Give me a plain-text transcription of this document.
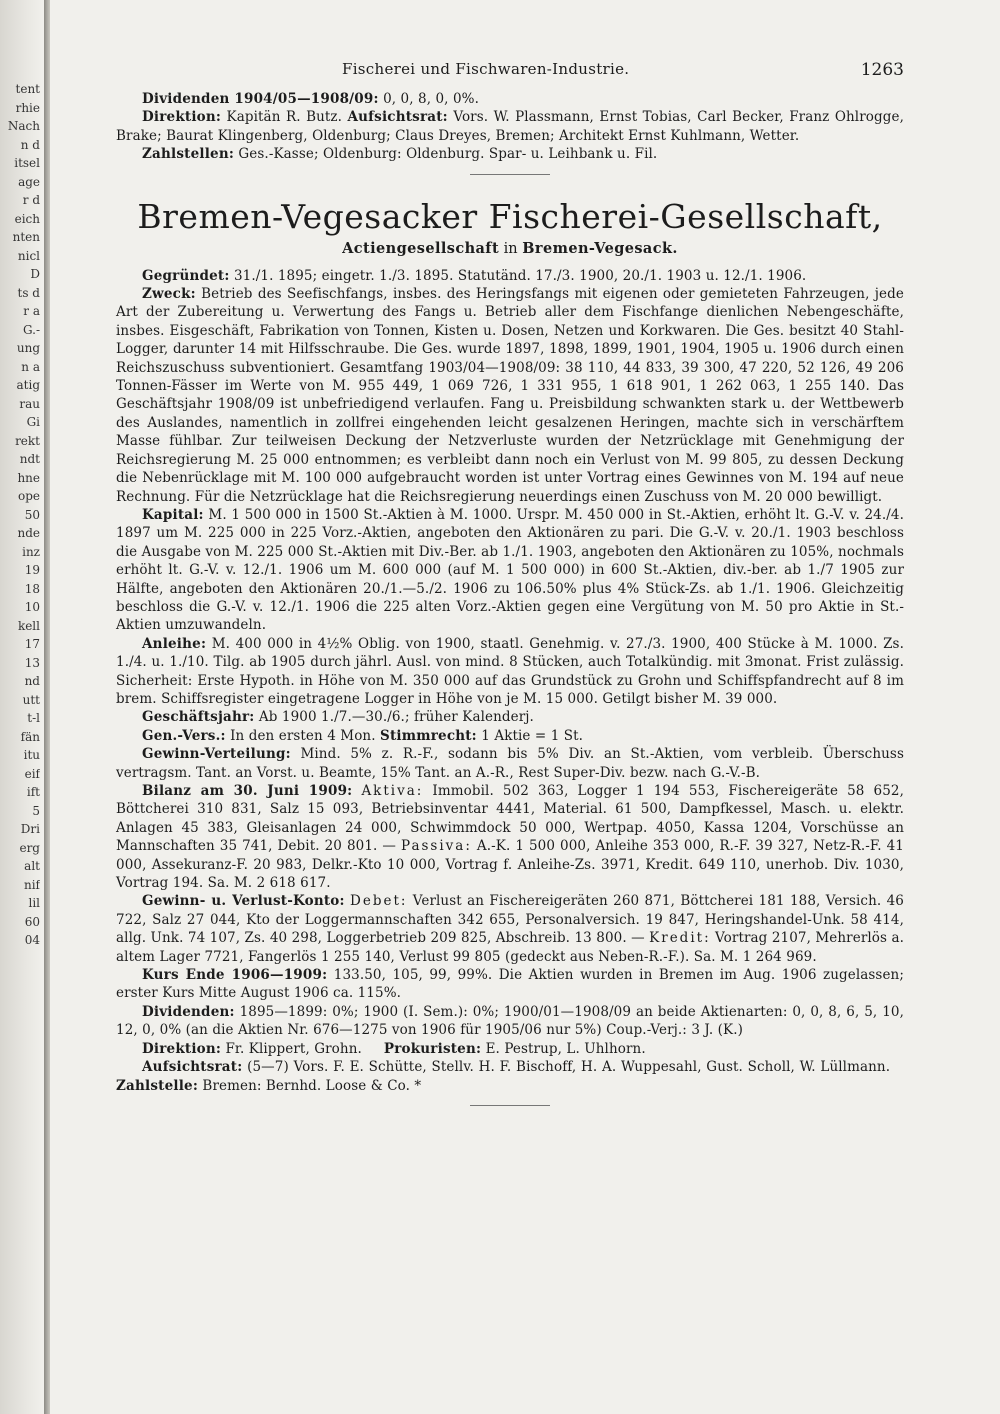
tent
rhie
Nach
n d
itsel
age
r d
eich
nten
nicl
D
ts d
r a
G.-
ung
n a
atig
rau
Gi
rekt
ndt
hne
ope
50
nde
inz
19
18
10
kell
17
13
nd
utt
t-l
fän
itu
eif
ift
5
Dri
erg
alt
nif
lil
60
04
Fischerei und Fischwaren-Industrie.	1263

Dividenden 1904/05—1908/09: 0, 0, 8, 0, 0%.

Direktion: Kapitän R. Butz. Aufsichtsrat: Vors. W. Plassmann, Ernst Tobias, Carl Becker, Franz Ohlrogge, Brake; Baurat Klingenberg, Oldenburg; Claus Dreyes, Bremen; Architekt Ernst Kuhlmann, Wetter.

Zahlstellen: Ges.-Kasse; Oldenburg: Oldenburg. Spar- u. Leihbank u. Fil.

Bremen-Vegesacker Fischerei-Gesellschaft,
Actiengesellschaft in Bremen-Vegesack.

Gegründet: 31./1. 1895; eingetr. 1./3. 1895. Statutänd. 17./3. 1900, 20./1. 1903 u. 12./1. 1906.

Zweck: Betrieb des Seefischfangs, insbes. des Heringsfangs mit eigenen oder gemieteten Fahrzeugen, jede Art der Zubereitung u. Verwertung des Fangs u. Betrieb aller dem Fischfange dienlichen Nebengeschäfte, insbes. Eisgeschäft, Fabrikation von Tonnen, Kisten u. Dosen, Netzen und Korkwaren. Die Ges. besitzt 40 Stahl-Logger, darunter 14 mit Hilfsschraube. Die Ges. wurde 1897, 1898, 1899, 1901, 1904, 1905 u. 1906 durch einen Reichszuschuss subventioniert. Gesamtfang 1903/04—1908/09: 38 110, 44 833, 39 300, 47 220, 52 126, 49 206 Tonnen-Fässer im Werte von M. 955 449, 1 069 726, 1 331 955, 1 618 901, 1 262 063, 1 255 140. Das Geschäftsjahr 1908/09 ist unbefriedigend verlaufen. Fang u. Preisbildung schwankten stark u. der Wettbewerb des Auslandes, namentlich in zollfrei eingehenden leicht gesalzenen Heringen, machte sich in verschärftem Masse fühlbar. Zur teilweisen Deckung der Netzverluste wurden der Netzrücklage mit Genehmigung der Reichsregierung M. 25 000 entnommen; es verbleibt dann noch ein Verlust von M. 99 805, zu dessen Deckung die Nebenrücklage mit M. 100 000 aufgebraucht worden ist unter Vortrag eines Gewinnes von M. 194 auf neue Rechnung. Für die Netzrücklage hat die Reichsregierung neuerdings einen Zuschuss von M. 20 000 bewilligt.

Kapital: M. 1 500 000 in 1500 St.-Aktien à M. 1000. Urspr. M. 450 000 in St.-Aktien, erhöht lt. G.-V. v. 24./4. 1897 um M. 225 000 in 225 Vorz.-Aktien, angeboten den Aktionären zu pari. Die G.-V. v. 20./1. 1903 beschloss die Ausgabe von M. 225 000 St.-Aktien mit Div.-Ber. ab 1./1. 1903, angeboten den Aktionären zu 105%, nochmals erhöht lt. G.-V. v. 12./1. 1906 um M. 600 000 (auf M. 1 500 000) in 600 St.-Aktien, div.-ber. ab 1./7 1905 zur Hälfte, angeboten den Aktionären 20./1.—5./2. 1906 zu 106.50% plus 4% Stück-Zs. ab 1./1. 1906. Gleichzeitig beschloss die G.-V. v. 12./1. 1906 die 225 alten Vorz.-Aktien gegen eine Vergütung von M. 50 pro Aktie in St.-Aktien umzuwandeln.

Anleihe: M. 400 000 in 4½% Oblig. von 1900, staatl. Genehmig. v. 27./3. 1900, 400 Stücke à M. 1000. Zs. 1./4. u. 1./10. Tilg. ab 1905 durch jährl. Ausl. von mind. 8 Stücken, auch Totalkündig. mit 3monat. Frist zulässig. Sicherheit: Erste Hypoth. in Höhe von M. 350 000 auf das Grundstück zu Grohn und Schiffspfandrecht auf 8 im brem. Schiffsregister eingetragene Logger in Höhe von je M. 15 000. Getilgt bisher M. 39 000.

Geschäftsjahr: Ab 1900 1./7.—30./6.; früher Kalenderj.

Gen.-Vers.: In den ersten 4 Mon. Stimmrecht: 1 Aktie = 1 St.

Gewinn-Verteilung: Mind. 5% z. R.-F., sodann bis 5% Div. an St.-Aktien, vom verbleib. Überschuss vertragsm. Tant. an Vorst. u. Beamte, 15% Tant. an A.-R., Rest Super-Div. bezw. nach G.-V.-B.

Bilanz am 30. Juni 1909: Aktiva: Immobil. 502 363, Logger 1 194 553, Fischereigeräte 58 652, Böttcherei 310 831, Salz 15 093, Betriebsinventar 4441, Material. 61 500, Dampfkessel, Masch. u. elektr. Anlagen 45 383, Gleisanlagen 24 000, Schwimmdock 50 000, Wertpap. 4050, Kassa 1204, Vorschüsse an Mannschaften 35 741, Debit. 20 801. — Passiva: A.-K. 1 500 000, Anleihe 353 000, R.-F. 39 327, Netz-R.-F. 41 000, Assekuranz-F. 20 983, Delkr.-Kto 10 000, Vortrag f. Anleihe-Zs. 3971, Kredit. 649 110, unerhob. Div. 1030, Vortrag 194. Sa. M. 2 618 617.

Gewinn- u. Verlust-Konto: Debet: Verlust an Fischereigeräten 260 871, Böttcherei 181 188, Versich. 46 722, Salz 27 044, Kto der Loggermannschaften 342 655, Personalversich. 19 847, Heringshandel-Unk. 58 414, allg. Unk. 74 107, Zs. 40 298, Loggerbetrieb 209 825, Abschreib. 13 800. — Kredit: Vortrag 2107, Mehrerlös a. altem Lager 7721, Fangerlös 1 255 140, Verlust 99 805 (gedeckt aus Neben-R.-F.). Sa. M. 1 264 969.

Kurs Ende 1906—1909: 133.50, 105, 99, 99%. Die Aktien wurden in Bremen im Aug. 1906 zugelassen; erster Kurs Mitte August 1906 ca. 115%.

Dividenden: 1895—1899: 0%; 1900 (I. Sem.): 0%; 1900/01—1908/09 an beide Aktienarten: 0, 0, 8, 6, 5, 10, 12, 0, 0% (an die Aktien Nr. 676—1275 von 1906 für 1905/06 nur 5%) Coup.-Verj.: 3 J. (K.)

Direktion: Fr. Klippert, Grohn. Prokuristen: E. Pestrup, L. Uhlhorn.

Aufsichtsrat: (5—7) Vors. F. E. Schütte, Stellv. H. F. Bischoff, H. A. Wuppesahl, Gust. Scholl, W. Lüllmann.    Zahlstelle: Bremen: Bernhd. Loose & Co. *
